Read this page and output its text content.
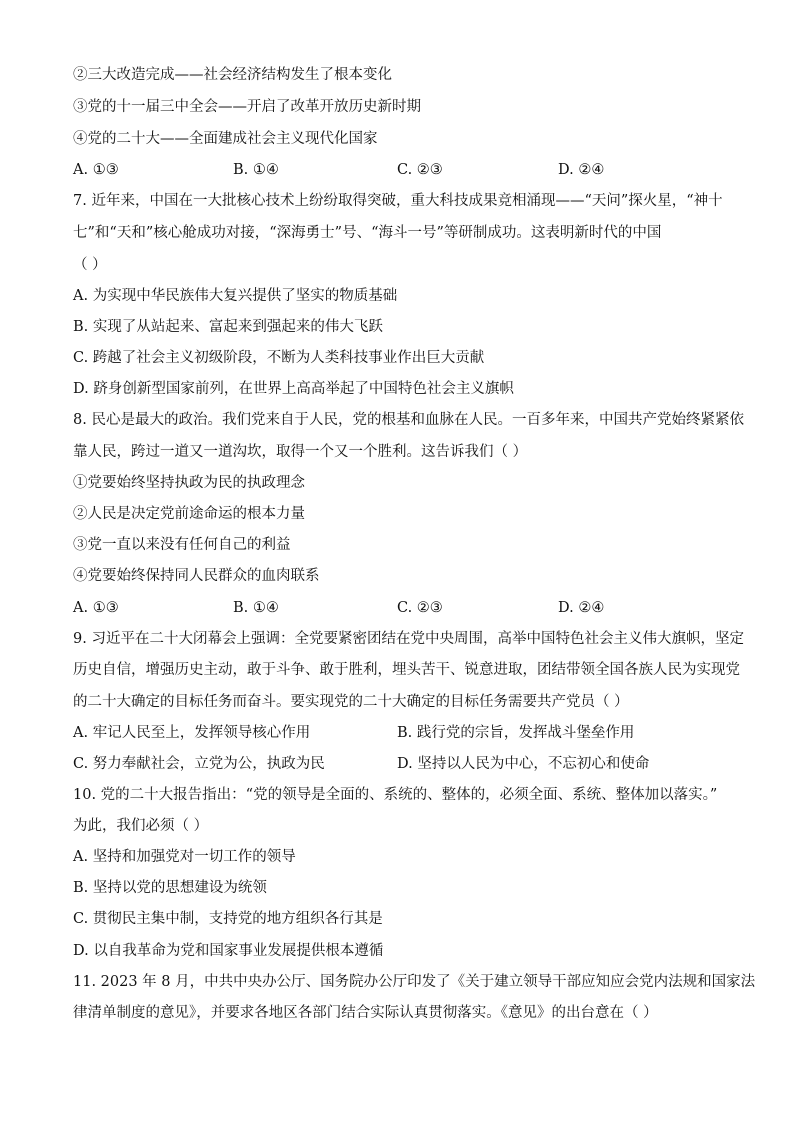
②三大改造完成——社会经济结构发生了根本变化
③党的十一届三中全会——开启了改革开放历史新时期
④党的二十大——全面建成社会主义现代化国家
A. ①③	B. ①④	C. ②③	D. ②④
7. 近年来，中国在一大批核心技术上纷纷取得突破，重大科技成果竞相涌现——“天问”探火星，“神十
七”和“天和”核心舱成功对接，“深海勇士”号、“海斗一号”等研制成功。这表明新时代的中国
（ ）
A. 为实现中华民族伟大复兴提供了坚实的物质基础
B. 实现了从站起来、富起来到强起来的伟大飞跃
C. 跨越了社会主义初级阶段，不断为人类科技事业作出巨大贡献
D. 跻身创新型国家前列，在世界上高高举起了中国特色社会主义旗帜
8. 民心是最大的政治。我们党来自于人民，党的根基和血脉在人民。一百多年来，中国共产党始终紧紧依
靠人民，跨过一道又一道沟坎，取得一个又一个胜利。这告诉我们（ ）
①党要始终坚持执政为民的执政理念
②人民是决定党前途命运的根本力量
③党一直以来没有任何自己的利益
④党要始终保持同人民群众的血肉联系
A. ①③	B. ①④	C. ②③	D. ②④
9. 习近平在二十大闭幕会上强调：全党要紧密团结在党中央周围，高举中国特色社会主义伟大旗帜，坚定
历史自信，增强历史主动，敢于斗争、敢于胜利，埋头苦干、锐意进取，团结带领全国各族人民为实现党
的二十大确定的目标任务而奋斗。要实现党的二十大确定的目标任务需要共产党员（ ）
A. 牢记人民至上，发挥领导核心作用	B. 践行党的宗旨，发挥战斗堡垒作用
C. 努力奉献社会，立党为公，执政为民	D. 坚持以人民为中心，不忘初心和使命
10. 党的二十大报告指出：“党的领导是全面的、系统的、整体的，必须全面、系统、整体加以落实。”
为此，我们必须（ ）
A. 坚持和加强党对一切工作的领导
B. 坚持以党的思想建设为统领
C. 贯彻民主集中制，支持党的地方组织各行其是
D. 以自我革命为党和国家事业发展提供根本遵循
11. 2023 年 8 月，中共中央办公厅、国务院办公厅印发了《关于建立领导干部应知应会党内法规和国家法
律清单制度的意见》，并要求各地区各部门结合实际认真贯彻落实。《意见》的出台意在（ ）
